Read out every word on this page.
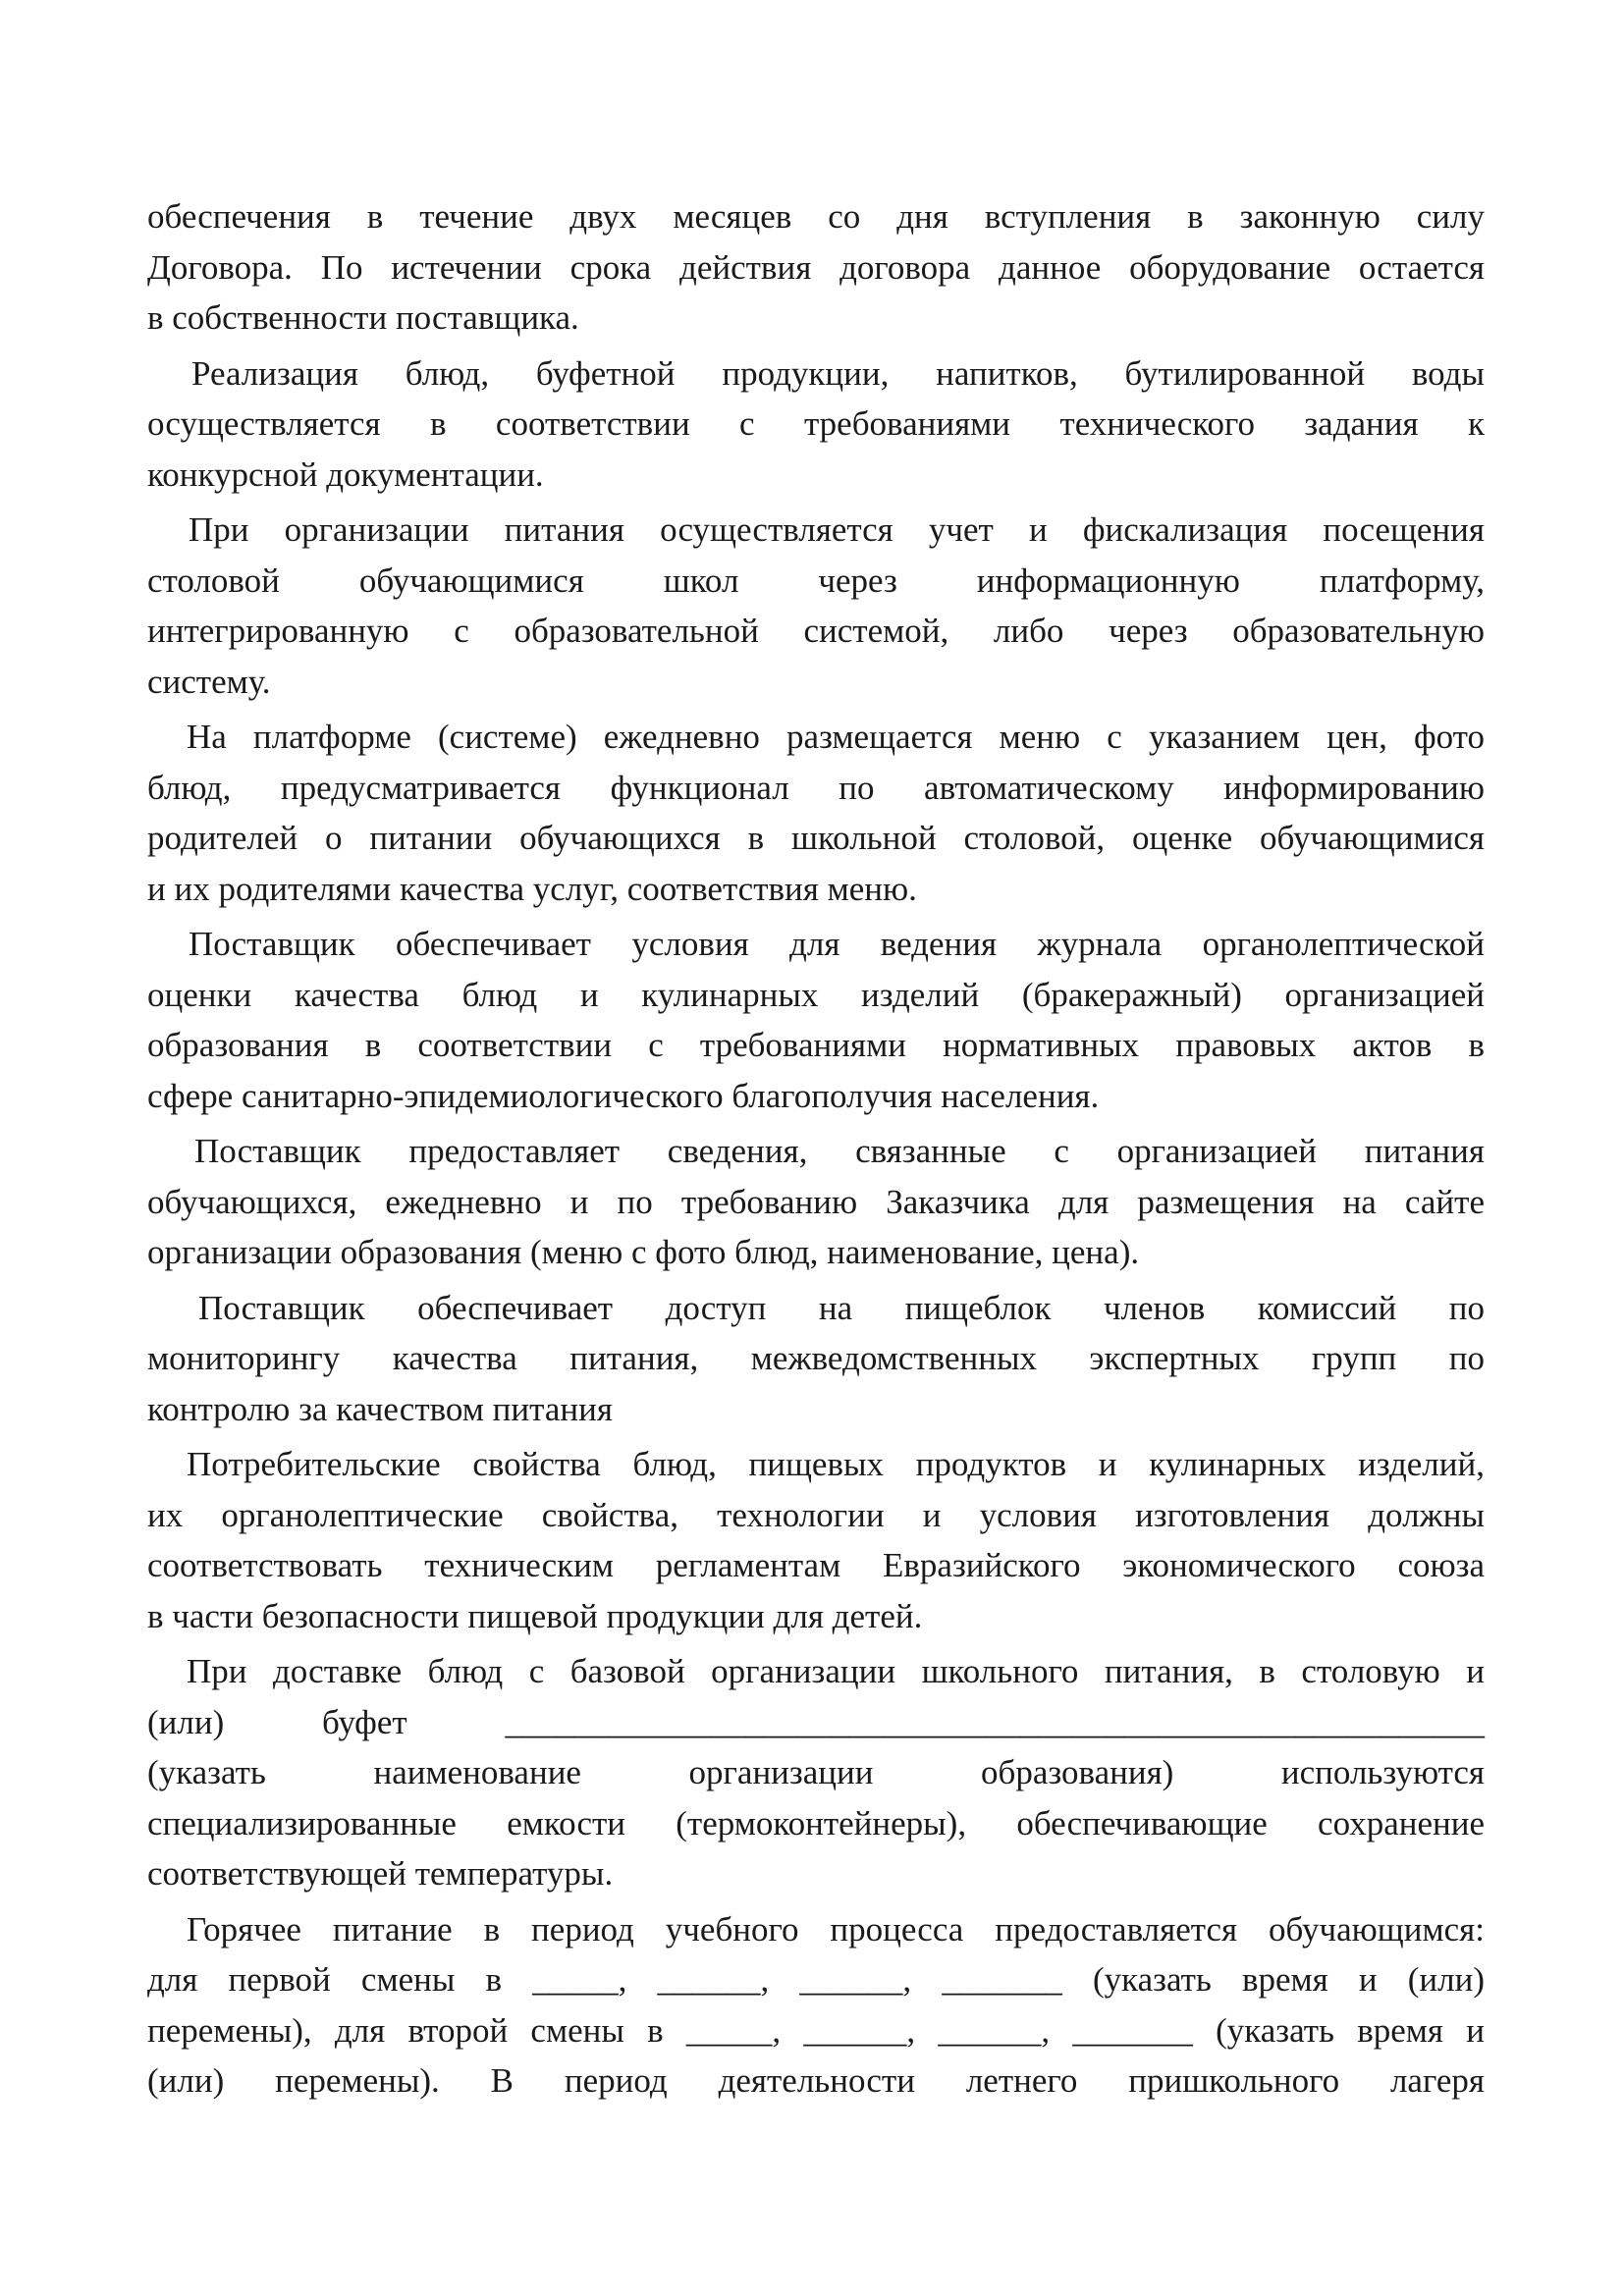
обеспечения в течение двух месяцев со дня вступления в законную силу
Договора. По истечении срока действия договора данное оборудование остается
в собственности поставщика.
Реализация блюд, буфетной продукции, напитков, бутилированной воды
осуществляется в соответствии с требованиями технического задания к
конкурсной документации.
При организации питания осуществляется учет и фискализация посещения
столовой обучающимися школ через информационную платформу,
интегрированную с образовательной системой, либо через образовательную
систему.
На платформе (системе) ежедневно размещается меню с указанием цен, фото
блюд, предусматривается функционал по автоматическому информированию
родителей о питании обучающихся в школьной столовой, оценке обучающимися
и их родителями качества услуг, соответствия меню.
Поставщик обеспечивает условия для ведения журнала органолептической
оценки качества блюд и кулинарных изделий (бракеражный) организацией
образования в соответствии с требованиями нормативных правовых актов в
сфере санитарно-эпидемиологического благополучия населения.
Поставщик предоставляет сведения, связанные с организацией питания
обучающихся, ежедневно и по требованию Заказчика для размещения на сайте
организации образования (меню с фото блюд, наименование, цена).
Поставщик обеспечивает доступ на пищеблок членов комиссий по
мониторингу качества питания, межведомственных экспертных групп по
контролю за качеством питания
Потребительские свойства блюд, пищевых продуктов и кулинарных изделий,
их органолептические свойства, технологии и условия изготовления должны
соответствовать техническим регламентам Евразийского экономического союза
в части безопасности пищевой продукции для детей.
При доставке блюд с базовой организации школьного питания, в столовую и
(или) буфет _________________________________________________________
(указать наименование организации образования) используются
специализированные емкости (термоконтейнеры), обеспечивающие сохранение
соответствующей температуры.
Горячее питание в период учебного процесса предоставляется обучающимся:
для первой смены в _____, ______, ______, _______ (указать время и (или)
перемены), для второй смены в _____, ______, ______, _______ (указать время и
(или) перемены). В период деятельности летнего пришкольного лагеря
